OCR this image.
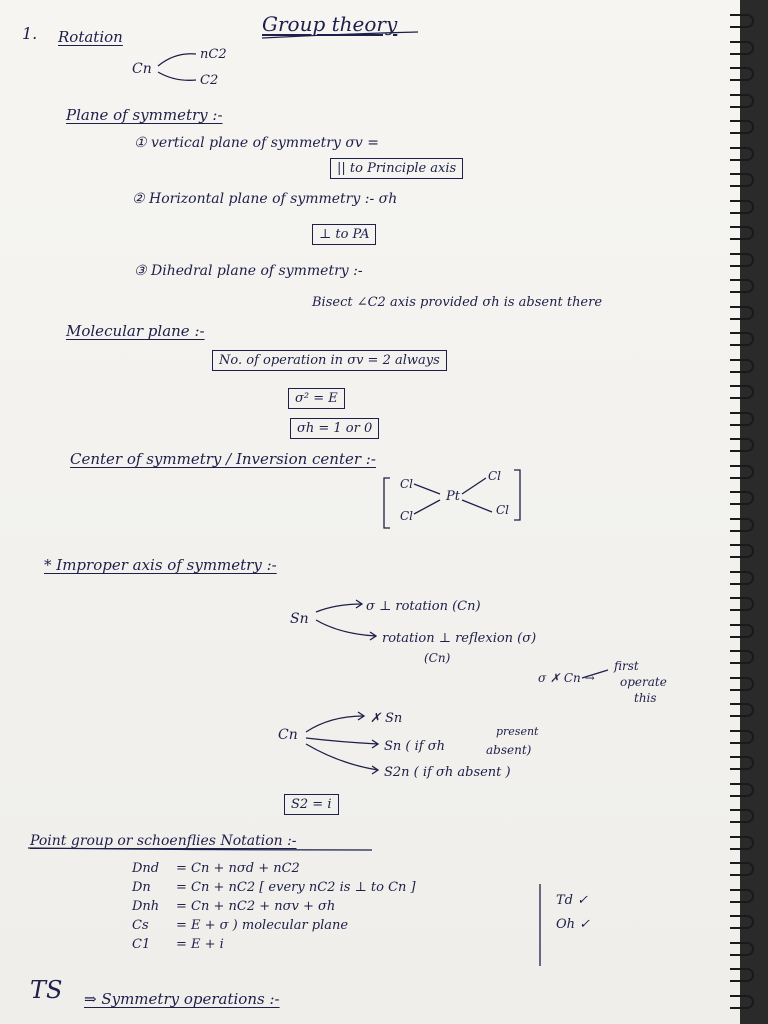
1. Rotation
Group theory
Cn
nC2
C2
Plane of symmetry :-
① vertical plane of symmetry σv =
|| to Principle axis
② Horizontal plane of symmetry :- σh
⊥ to PA
③ Dihedral plane of symmetry :-
Bisect ∠C2 axis provided σh is absent there
Molecular plane :-
No. of operation in σv = 2 always
σ² = E
σh = 1 or 0
Center of symmetry / Inversion center :-
Cl
Cl
Pt
Cl	Cl
* Improper axis of symmetry :-
Sn
σ ⊥ rotation (Cn)
rotation ⊥ reflexion (σ)
(Cn)
σ ✗ Cn →
first
operate
this
Cn
✗ Sn
Sn ( if σh
present
absent)
S2n ( if σh absent )
S2 = i
Point group or schoenflies Notation :-
Dnd = Cn + nσd + nC2
Dn = Cn + nC2 [ every nC2 is ⊥ to Cn ]
Dnh = Cn + nC2 + nσv + σh
Cs = E + σ ) molecular plane
C1 = E + i
Td ✓
Oh ✓
TS ⇒ Symmetry operations :-
